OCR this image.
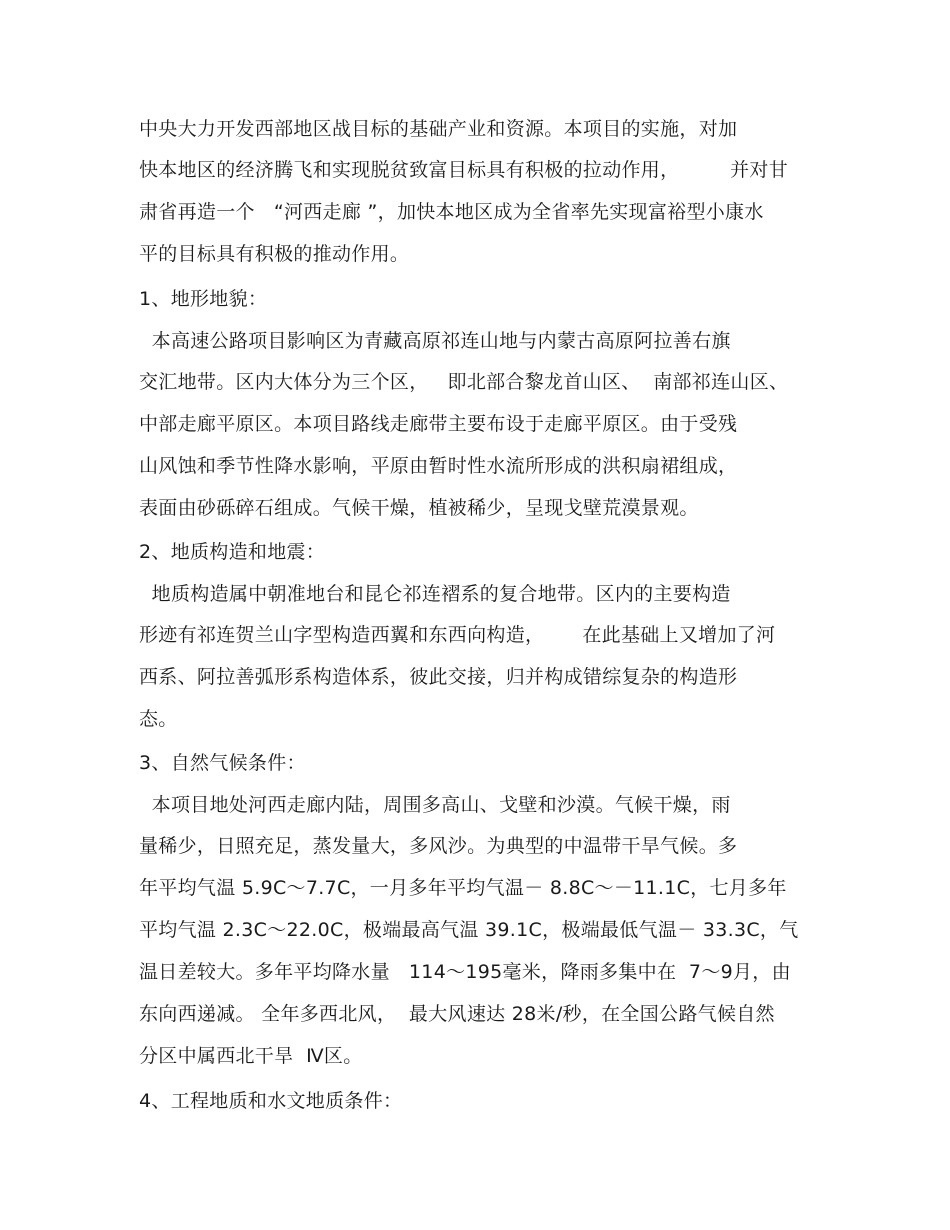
中央大力开发西部地区战目标的基础产业和资源。本项目的实施，对加
快本地区的经济腾飞和实现脱贫致富目标具有积极的拉动作用，        并对甘
肃省再造一个   “河西走廊 ”，加快本地区成为全省率先实现富裕型小康水
平的目标具有积极的推动作用。
1、地形地貌：
本高速公路项目影响区为青藏高原祁连山地与内蒙古高原阿拉善右旗
交汇地带。区内大体分为三个区，   即北部合黎龙首山区、  南部祁连山区、
中部走廊平原区。本项目路线走廊带主要布设于走廊平原区。由于受残
山风蚀和季节性降水影响，平原由暂时性水流所形成的洪积扇裙组成，
表面由砂砾碎石组成。气候干燥，植被稀少，呈现戈壁荒漠景观。
2、地质构造和地震：
地质构造属中朝准地台和昆仑祁连褶系的复合地带。区内的主要构造
形迹有祁连贺兰山字型构造西翼和东西向构造，      在此基础上又增加了河
西系、阿拉善弧形系构造体系，彼此交接，归并构成错综复杂的构造形
态。
3、自然气候条件：
本项目地处河西走廊内陆，周围多高山、戈壁和沙漠。气候干燥，雨
量稀少，日照充足，蒸发量大，多风沙。为典型的中温带干旱气候。多
年平均气温 5.9C～7.7C，一月多年平均气温－ 8.8C～－11.1C，七月多年
平均气温 2.3C～22.0C，极端最高气温 39.1C，极端最低气温－ 33.3C，气
温日差较大。多年平均降水量   114～195毫米，降雨多集中在  7～9月，由
东向西递减。 全年多西北风，  最大风速达 28米/秒，在全国公路气候自然
分区中属西北干旱  Ⅳ区。
4、工程地质和水文地质条件：
